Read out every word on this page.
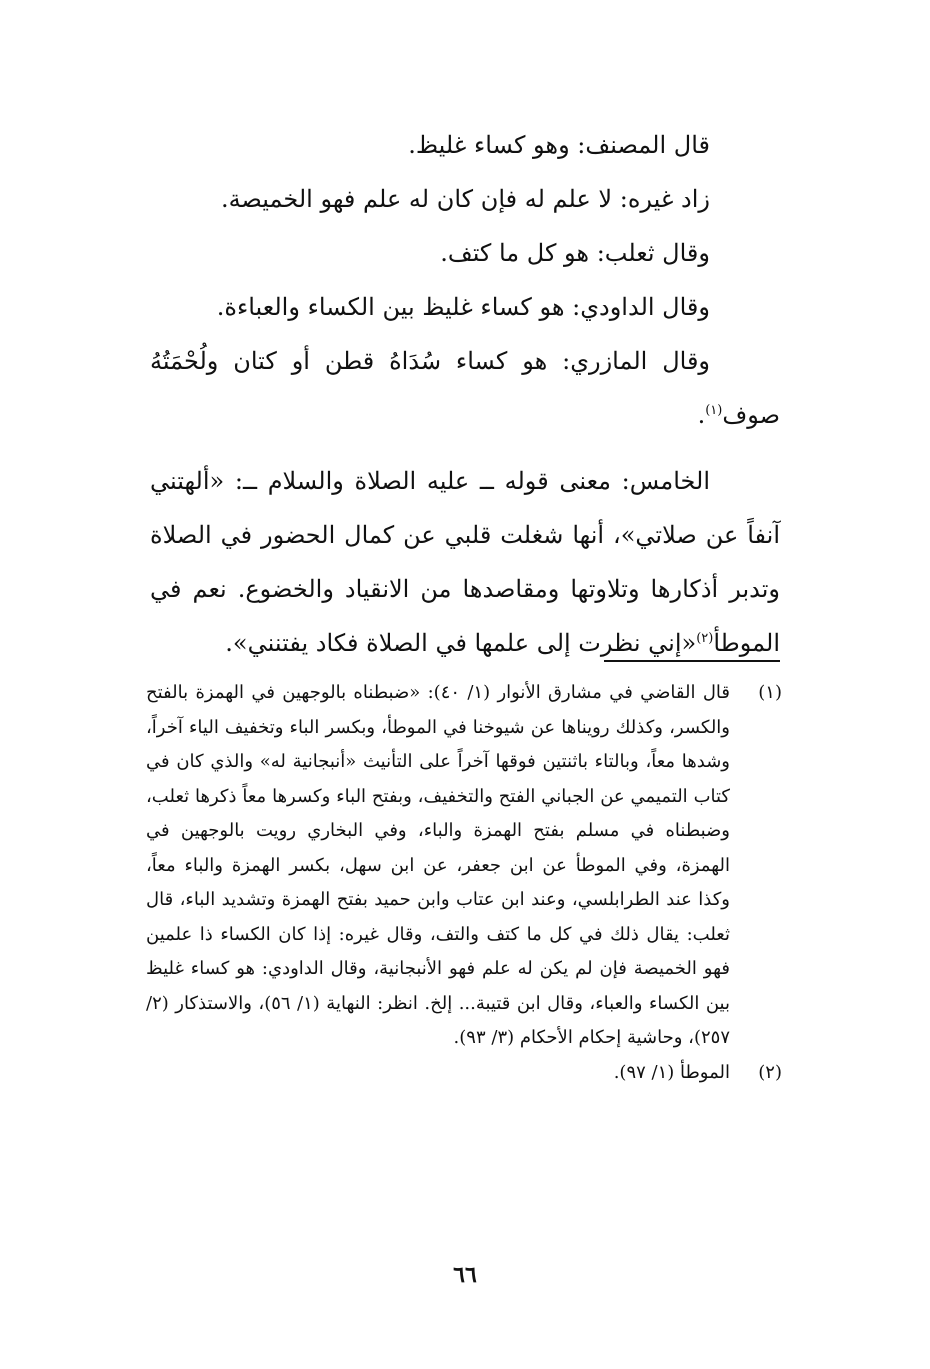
قال المصنف: وهو كساء غليظ.

زاد غيره: لا علم له فإن كان له علم فهو الخميصة.

وقال ثعلب: هو كل ما كتف.

وقال الداودي: هو كساء غليظ بين الكساء والعباءة.

وقال المازري: هو كساء سُدَاهُ قطن أو كتان ولُحْمَتُهُ صوف$^{(١)}$.

الخامس: معنى قوله ــ عليه الصلاة والسلام ــ: «ألهتني آنفاً عن صلاتي»، أنها شغلت قلبي عن كمال الحضور في الصلاة وتدبر أذكارها وتلاوتها ومقاصدها من الانقياد والخضوع. نعم في الموطأ$^{(٢)}$«إني نظرت إلى علمها في الصلاة فكاد يفتنني».

(١)
قال القاضي في مشارق الأنوار (١/ ٤٠): «ضبطناه بالوجهين في الهمزة بالفتح والكسر، وكذلك رويناها عن شيوخنا في الموطأ، وبكسر الباء وتخفيف الياء آخراً، وشدها معاً، وبالتاء باثنتين فوقها آخراً على التأنيث «أنبجانية له» والذي كان في كتاب التميمي عن الجباني الفتح والتخفيف، وبفتح الباء وكسرها معاً ذكرها ثعلب، وضبطناه في مسلم بفتح الهمزة والباء، وفي البخاري رويت بالوجهين في الهمزة، وفي الموطأ عن ابن جعفر، عن ابن سهل، بكسر الهمزة والباء معاً، وكذا عند الطرابلسي، وعند ابن عتاب وابن حميد بفتح الهمزة وتشديد الباء، قال ثعلب: يقال ذلك في كل ما كتف والتف، وقال غيره: إذا كان الكساء ذا علمين فهو الخميصة فإن لم يكن له علم فهو الأنبجانية، وقال الداودي: هو كساء غليظ بين الكساء والعباء، وقال ابن قتيبة... إلخ. انظر: النهاية (١/ ٥٦)، والاستذكار (٢/ ٢٥٧)، وحاشية إحكام الأحكام (٣/ ٩٣).
(٢)
الموطأ (١/ ٩٧).
٦٦
